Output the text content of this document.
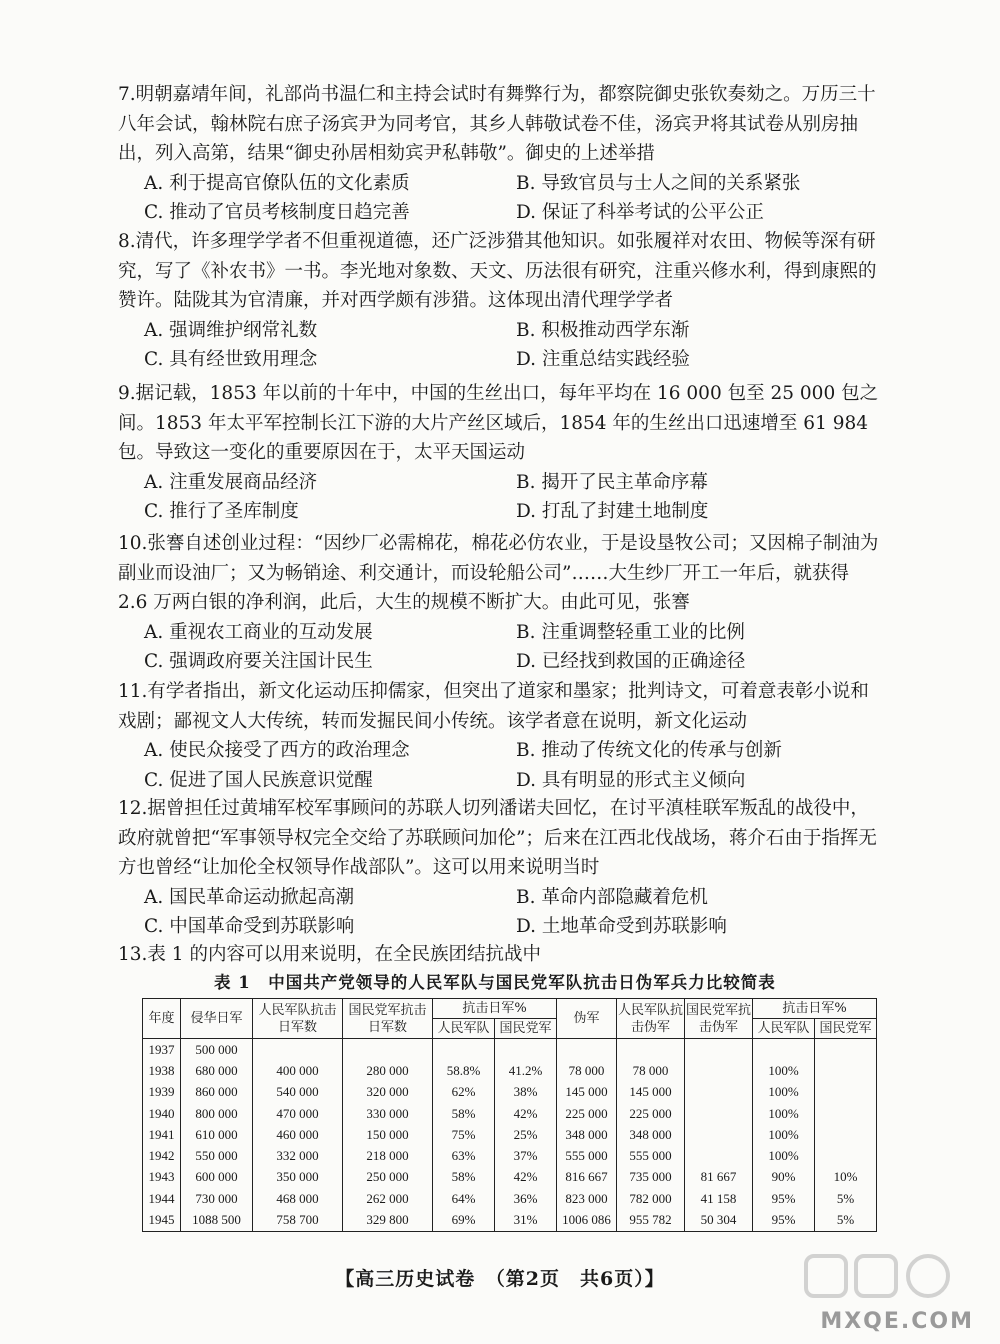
7.明朝嘉靖年间，礼部尚书温仁和主持会试时有舞弊行为，都察院御史张钦奏劾之。万历三十八年会试，翰林院右庶子汤宾尹为同考官，其乡人韩敬试卷不佳，汤宾尹将其试卷从别房抽出，列入高第，结果“御史孙居相劾宾尹私韩敬”。御史的上述举措

A. 利于提高官僚队伍的文化素质	B. 导致官员与士人之间的关系紧张
C. 推动了官员考核制度日趋完善	D. 保证了科举考试的公平公正

8.清代，许多理学学者不但重视道德，还广泛涉猎其他知识。如张履祥对农田、物候等深有研究，写了《补农书》一书。李光地对象数、天文、历法很有研究，注重兴修水利，得到康熙的赞许。陆陇其为官清廉，并对西学颇有涉猎。这体现出清代理学学者

A. 强调维护纲常礼数	B. 积极推动西学东渐
C. 具有经世致用理念	D. 注重总结实践经验

9.据记载，1853 年以前的十年中，中国的生丝出口，每年平均在 16 000 包至 25 000 包之间。1853 年太平军控制长江下游的大片产丝区域后，1854 年的生丝出口迅速增至 61 984 包。导致这一变化的重要原因在于，太平天国运动

A. 注重发展商品经济	B. 揭开了民主革命序幕
C. 推行了圣库制度	D. 打乱了封建土地制度

10.张謇自述创业过程：“因纱厂必需棉花，棉花必仿农业，于是设垦牧公司；又因棉子制油为副业而设油厂；又为畅销途、利交通计，而设轮船公司”……大生纱厂开工一年后，就获得 2.6 万两白银的净利润，此后，大生的规模不断扩大。由此可见，张謇

A. 重视农工商业的互动发展	B. 注重调整轻重工业的比例
C. 强调政府要关注国计民生	D. 已经找到救国的正确途径

11.有学者指出，新文化运动压抑儒家，但突出了道家和墨家；批判诗文，可着意表彰小说和戏剧；鄙视文人大传统，转而发掘民间小传统。该学者意在说明，新文化运动

A. 使民众接受了西方的政治理念	B. 推动了传统文化的传承与创新
C. 促进了国人民族意识觉醒	D. 具有明显的形式主义倾向

12.据曾担任过黄埔军校军事顾问的苏联人切列潘诺夫回忆，在讨平滇桂联军叛乱的战役中，政府就曾把“军事领导权完全交给了苏联顾问加伦”；后来在江西北伐战场，蒋介石由于指挥无方也曾经“让加伦全权领导作战部队”。这可以用来说明当时

A. 国民革命运动掀起高潮	B. 革命内部隐藏着危机
C. 中国革命受到苏联影响	D. 土地革命受到苏联影响

13.表 1 的内容可以用来说明，在全民族团结抗战中

表 1　中国共产党领导的人民军队与国民党军队抗击日伪军兵力比较简表
年度	侵华日军	人民军队抗击日军数	国民党军抗击日军数	抗击日军%		伪军	人民军队抗击伪军	国民党军抗击伪军	抗击日军%	
				人民军队	国民党军				人民军队	国民党军
1937	500 000									
1938	680 000	400 000	280 000	58.8%	41.2%	78 000	78 000		100%	
1939	860 000	540 000	320 000	62%	38%	145 000	145 000		100%	
1940	800 000	470 000	330 000	58%	42%	225 000	225 000		100%	
1941	610 000	460 000	150 000	75%	25%	348 000	348 000		100%	
1942	550 000	332 000	218 000	63%	37%	555 000	555 000		100%	
1943	600 000	350 000	250 000	58%	42%	816 667	735 000	81 667	90%	10%
1944	730 000	468 000	262 000	64%	36%	823 000	782 000	41 158	95%	5%
1945	1088 500	758 700	329 800	69%	31%	1006 086	955 782	50 304	95%	5%
【高三历史试卷　（第2页　共6页）】
MXQE.COM
